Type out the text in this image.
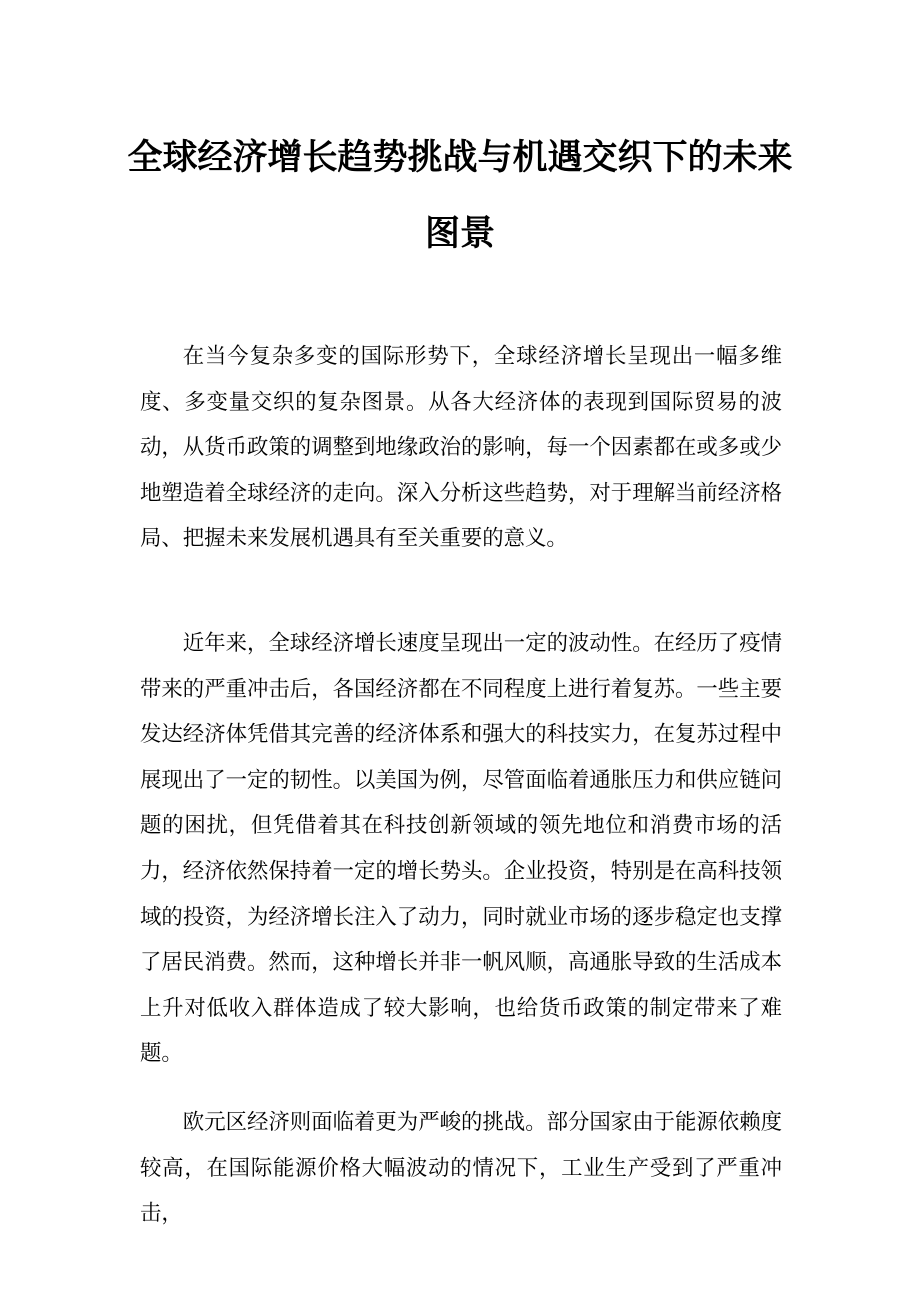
全球经济增长趋势挑战与机遇交织下的未来图景

在当今复杂多变的国际形势下，全球经济增长呈现出一幅多维度、多变量交织的复杂图景。从各大经济体的表现到国际贸易的波动，从货币政策的调整到地缘政治的影响，每一个因素都在或多或少地塑造着全球经济的走向。深入分析这些趋势，对于理解当前经济格局、把握未来发展机遇具有至关重要的意义。

近年来，全球经济增长速度呈现出一定的波动性。在经历了疫情带来的严重冲击后，各国经济都在不同程度上进行着复苏。一些主要发达经济体凭借其完善的经济体系和强大的科技实力，在复苏过程中展现出了一定的韧性。以美国为例，尽管面临着通胀压力和供应链问题的困扰，但凭借着其在科技创新领域的领先地位和消费市场的活力，经济依然保持着一定的增长势头。企业投资，特别是在高科技领域的投资，为经济增长注入了动力，同时就业市场的逐步稳定也支撑了居民消费。然而，这种增长并非一帆风顺，高通胀导致的生活成本上升对低收入群体造成了较大影响，也给货币政策的制定带来了难题。

欧元区经济则面临着更为严峻的挑战。部分国家由于能源依赖度较高，在国际能源价格大幅波动的情况下，工业生产受到了严重冲击，
